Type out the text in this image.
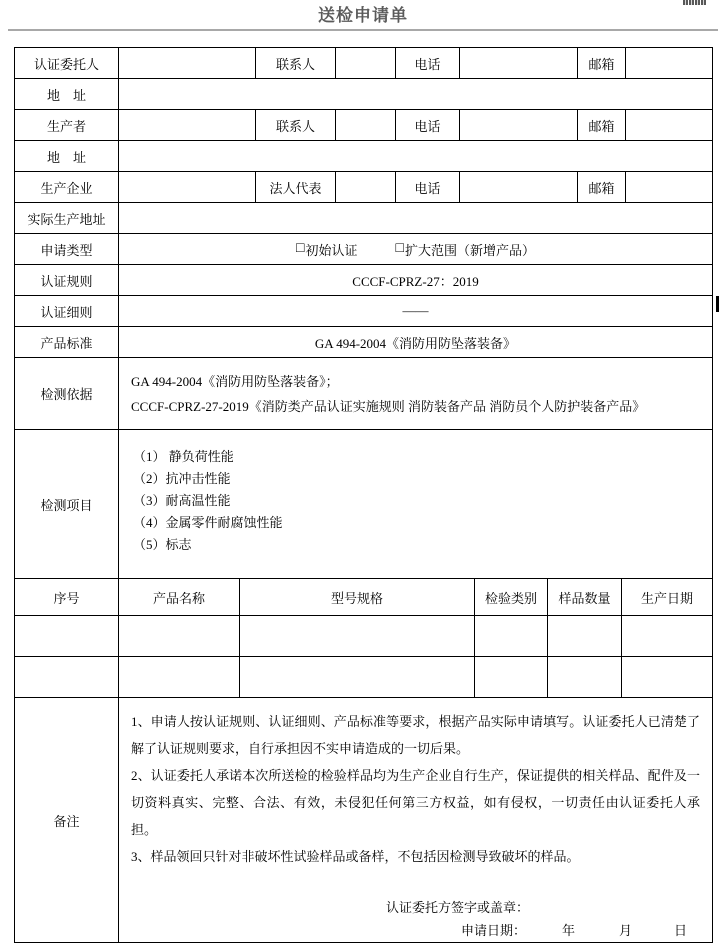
送检申请单
认证委托人		联系人		电话		邮箱	
地　址							
生产者		联系人		电话		邮箱	
地　址							
生产企业		法人代表		电话		邮箱	
实际生产地址							
申请类型	□ 初始认证 □ 扩大范围（新增产品）						

认证规则	CCCF-CPRZ-27：2019						
认证细则	——						
产品标准	GA 494-2004《消防用防坠落装备》						
检测依据	GA 494-2004《消防用防坠落装备》；
CCCF-CPRZ-27-2019《消防类产品认证实施规则 消防装备产品 消防员个人防护装备产品》						

检测项目	（1） 静负荷性能
（2）抗冲击性能
（3）耐高温性能
（4）金属零件耐腐蚀性能
（5）标志						
序号	产品名称	型号规格	检验类别	样品数量	生产日期

备注	
1、申请人按认证规则、认证细则、产品标准等要求，根据产品实际申请填写。认证委托人已清楚了解了认证规则要求，自行承担因不实申请造成的一切后果。
2、认证委托人承诺本次所送检的检验样品均为生产企业自行生产，保证提供的相关样品、配件及一切资料真实、完整、合法、有效，未侵犯任何第三方权益，如有侵权，一切责任由认证委托人承担。
3、样品领回只针对非破坏性试验样品或备样，不包括因检测导致破坏的样品。
认证委托方签字或盖章：
申请日期：	年	月	日
